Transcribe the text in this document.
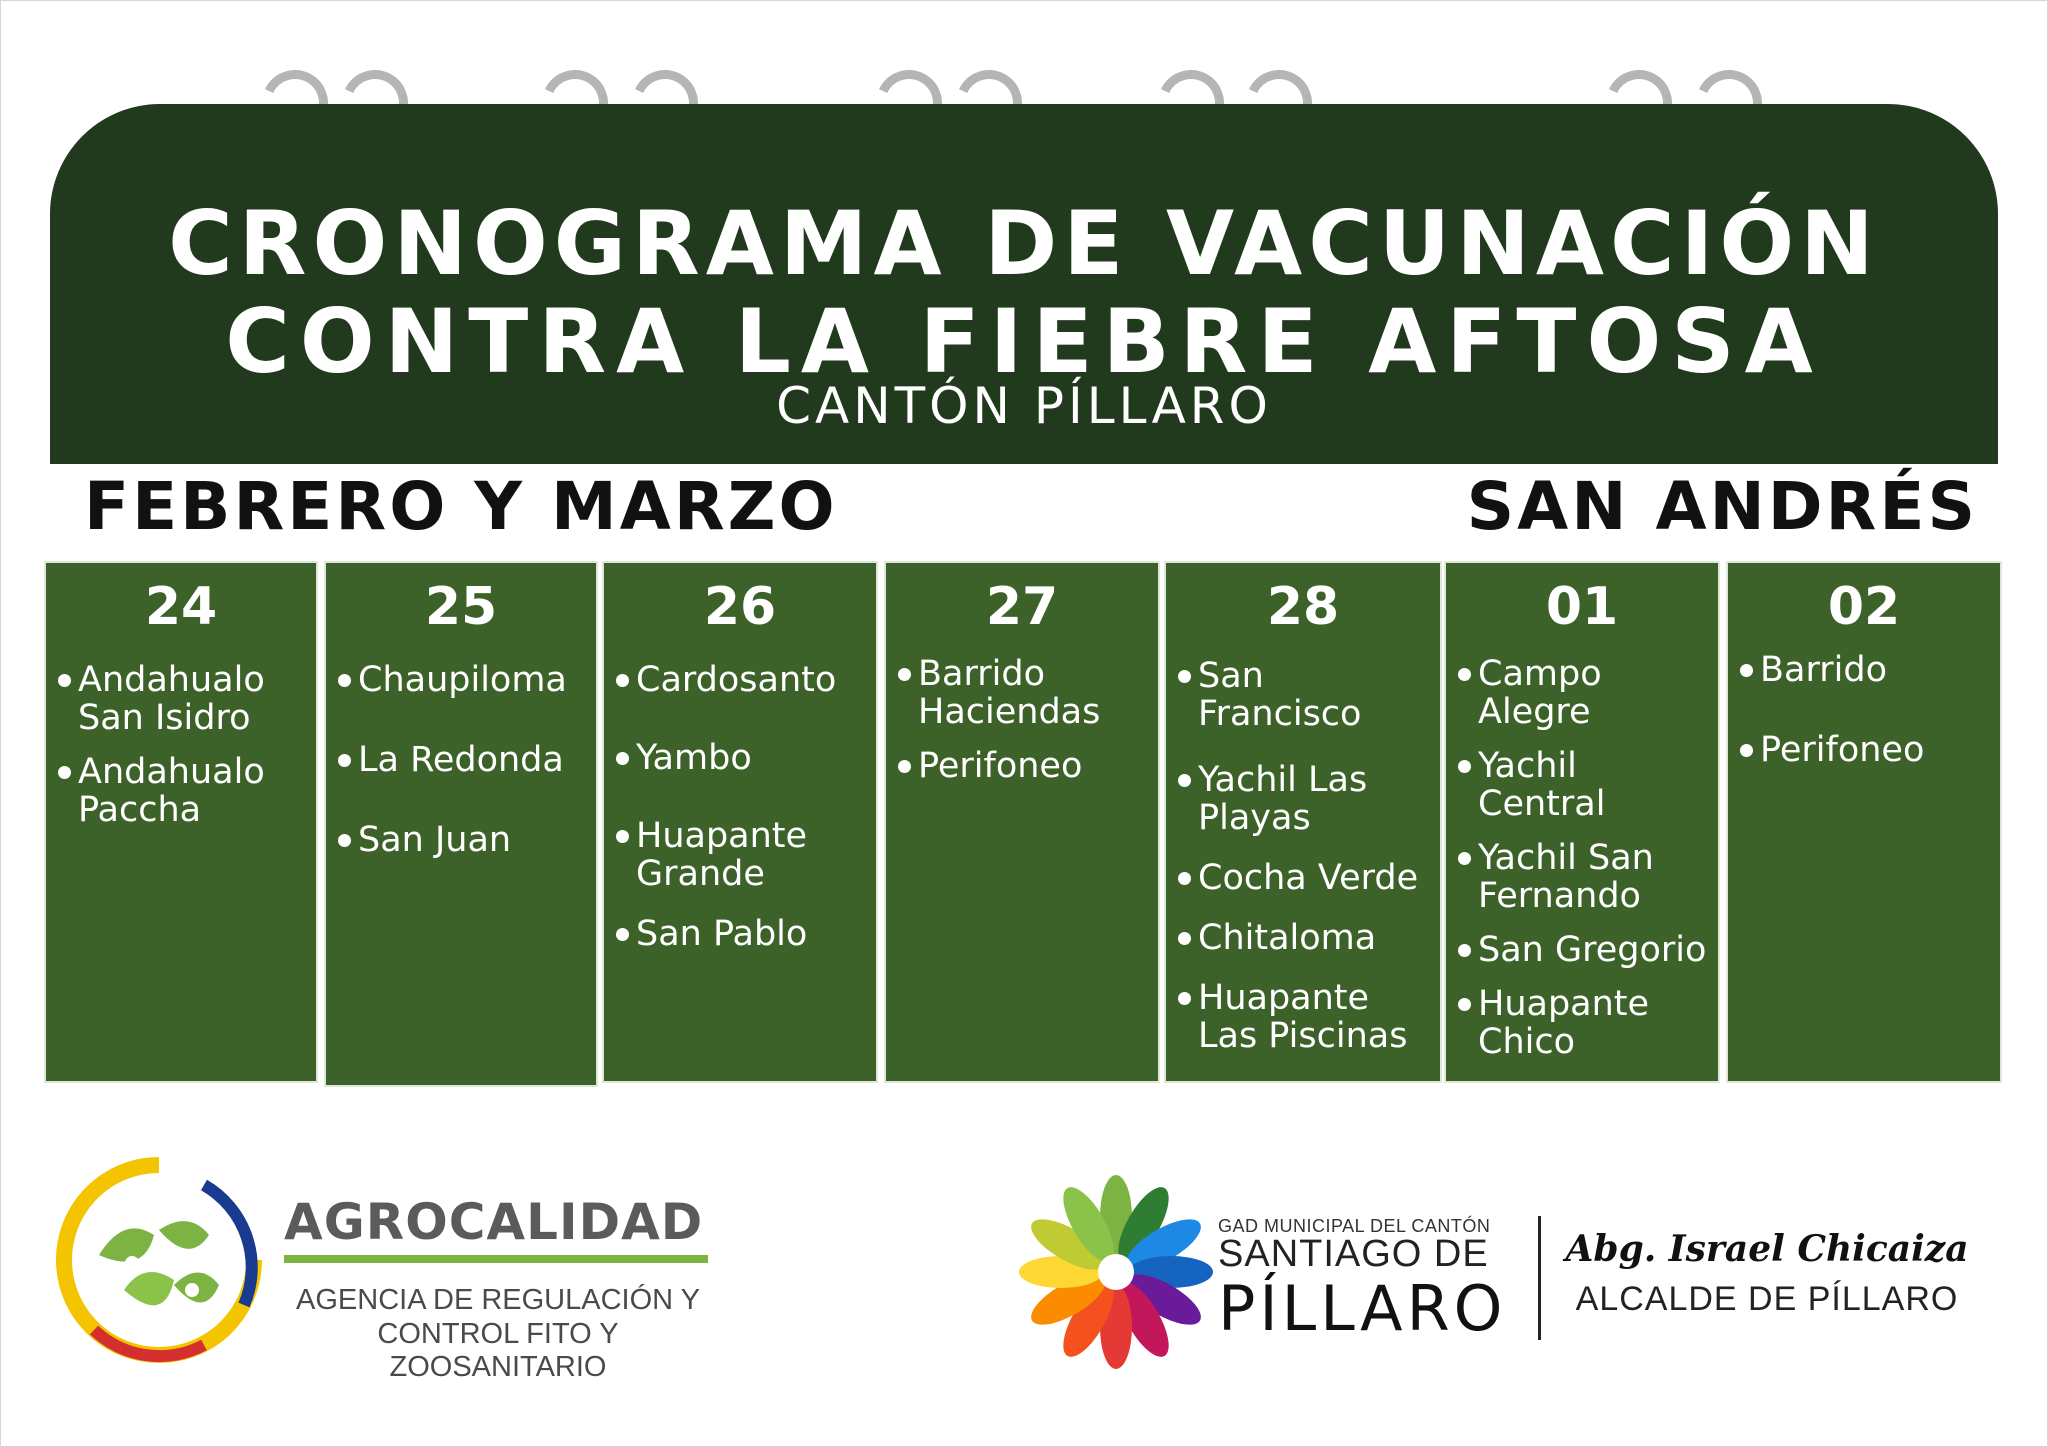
CRONOGRAMA DE VACUNACIÓN
CONTRA LA FIEBRE AFTOSA
CANTÓN PÍLLARO
FEBRERO Y MARZO	SAN ANDRÉS
24
Andahualo San Isidro
Andahualo Paccha
25
Chaupiloma
La Redonda
San Juan
26
Cardosanto
Yambo
Huapante Grande
San Pablo
27
Barrido Haciendas
Perifoneo
28
San Francisco
Yachil Las Playas
Cocha Verde
Chitaloma
Huapante Las Piscinas
01
Campo Alegre
Yachil Central
Yachil San Fernando
San Gregorio
Huapante Chico
02
Barrido
Perifoneo
AGROCALIDAD
AGENCIA DE REGULACIÓN Y
CONTROL FITO Y ZOOSANITARIO
GAD MUNICIPAL DEL CANTÓN
SANTIAGO DE
PÍLLARO
Abg. Israel Chicaiza
ALCALDE DE PÍLLARO
